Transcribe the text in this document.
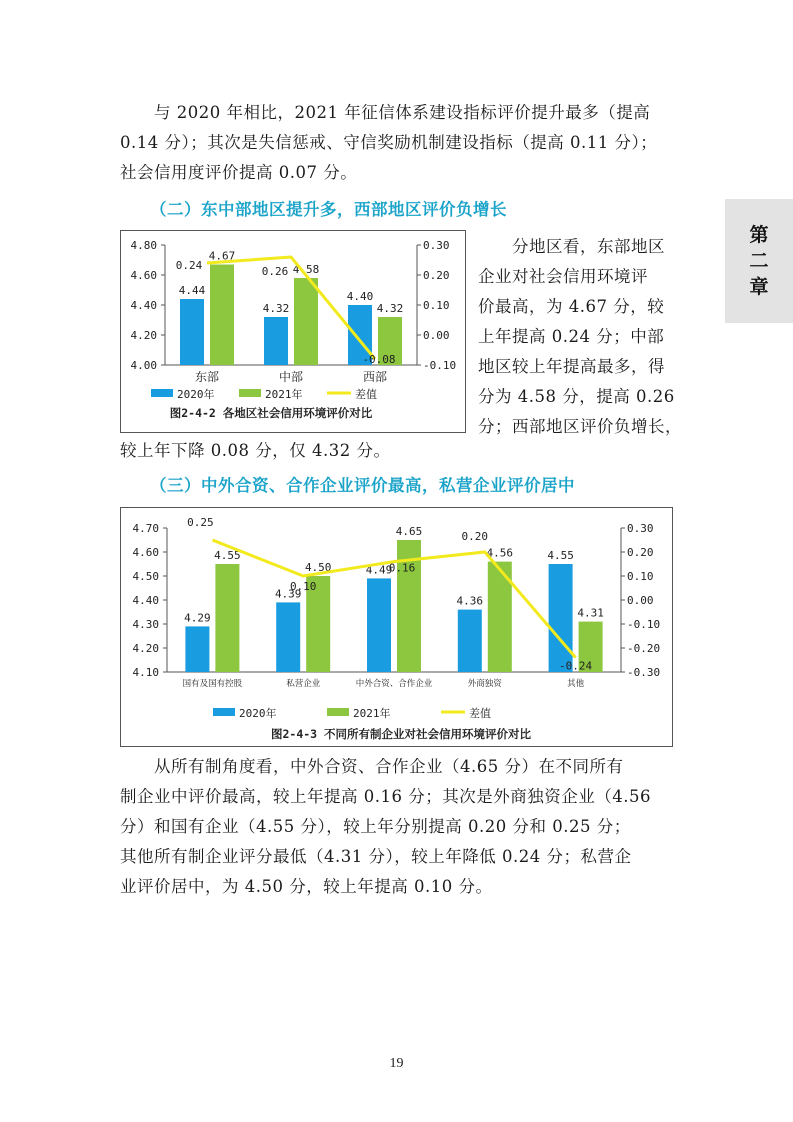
与 2020 年相比，2021 年征信体系建设指标评价提升最多（提高
0.14 分）；其次是失信惩戒、守信奖励机制建设指标（提高 0.11 分）；
社会信用度评价提高 0.07 分。
（二）东中部地区提升多，西部地区评价负增长
第
二
章
4.00
4.20
4.40
4.60
4.80
-0.10
0.00
0.10
0.20
0.30
4.44
4.67
东部
4.32
4.58
中部
4.40
4.32
西部
0.24	0.26
-0.08
2020年	2021年	差值
图2-4-2 各地区社会信用环境评价对比
分地区看，东部地区
企业对社会信用环境评
价最高，为 4.67 分，较
上年提高 0.24 分；中部
地区较上年提高最多，得
分为 4.58 分，提高 0.26
分；西部地区评价负增长，
较上年下降 0.08 分，仅 4.32 分。
（三）中外合资、合作企业评价最高，私营企业评价居中
4.10
4.20
4.30
4.40
4.50
4.60
4.70
-0.30
-0.20
-0.10
0.00
0.10
0.20
0.30
4.29
4.55
国有及国有控股
4.39
4.50
私营企业
4.49
4.65
中外合资、合作企业
4.36
4.56
外商独资
4.55
4.31
其他
0.25
0.10
0.16
0.20
-0.24
2020年	2021年	差值
图2-4-3 不同所有制企业对社会信用环境评价对比
从所有制角度看，中外合资、合作企业（4.65 分）在不同所有
制企业中评价最高，较上年提高 0.16 分；其次是外商独资企业（4.56
分）和国有企业（4.55 分），较上年分别提高 0.20 分和 0.25 分；
其他所有制企业评分最低（4.31 分），较上年降低 0.24 分；私营企
业评价居中，为 4.50 分，较上年提高 0.10 分。
19
